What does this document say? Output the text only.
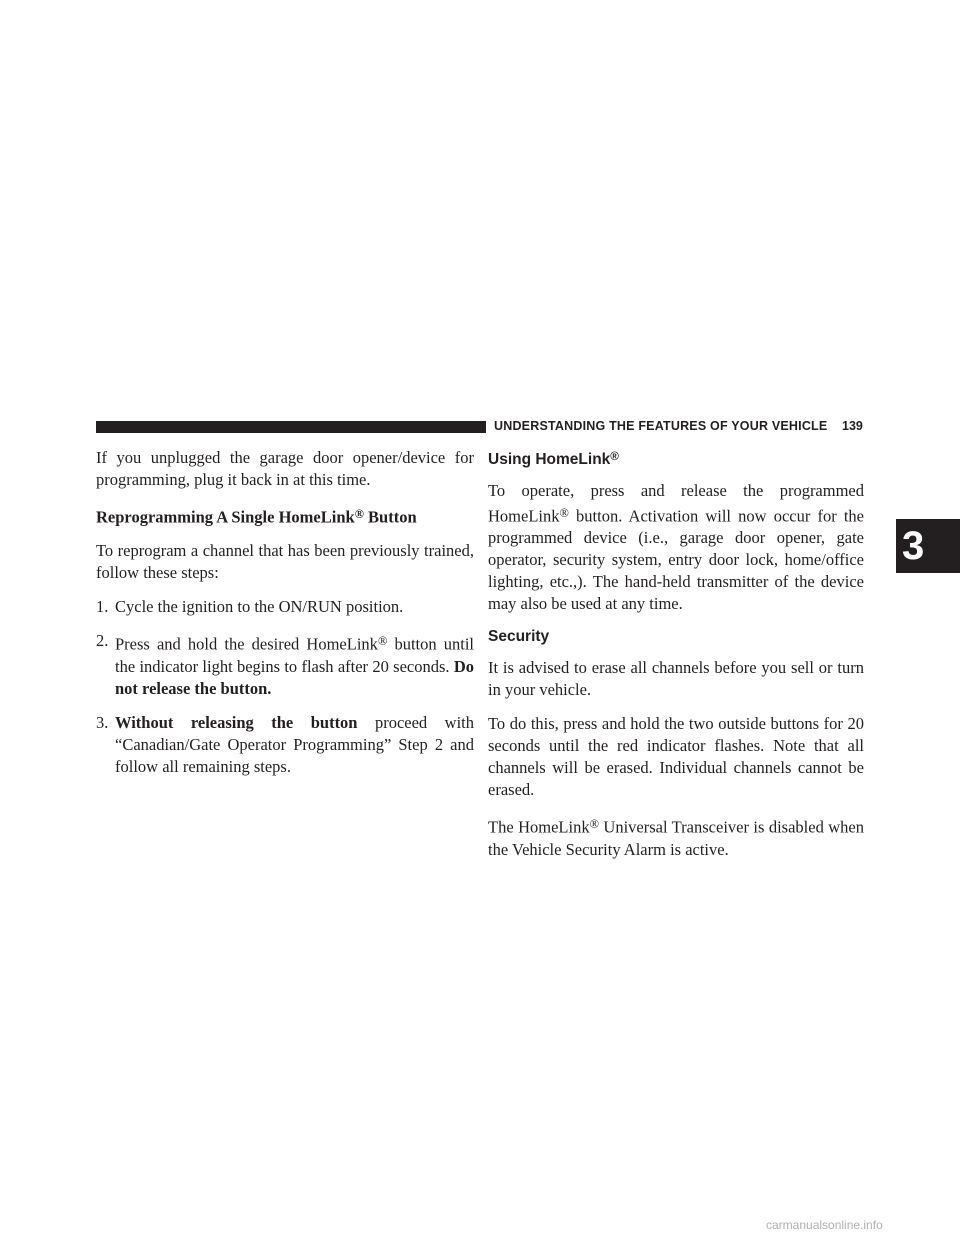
UNDERSTANDING THE FEATURES OF YOUR VEHICLE 139
3

If you unplugged the garage door opener/device for programming, plug it back in at this time.

Reprogramming A Single HomeLink® Button

To reprogram a channel that has been previously trained, follow these steps:

1. Cycle the ignition to the ON/RUN position.
2. Press and hold the desired HomeLink® button until the indicator light begins to flash after 20 seconds. Do not release the button.
3. Without releasing the button proceed with “Canadian/Gate Operator Programming” Step 2 and follow all remaining steps.
Using HomeLink®

To operate, press and release the programmed HomeLink® button. Activation will now occur for the programmed device (i.e., garage door opener, gate operator, security system, entry door lock, home/office lighting, etc.,). The hand-held transmitter of the device may also be used at any time.

Security

It is advised to erase all channels before you sell or turn in your vehicle.

To do this, press and hold the two outside buttons for 20 seconds until the red indicator flashes. Note that all channels will be erased. Individual channels cannot be erased.

The HomeLink® Universal Transceiver is disabled when the Vehicle Security Alarm is active.

carmanualsonline.info
